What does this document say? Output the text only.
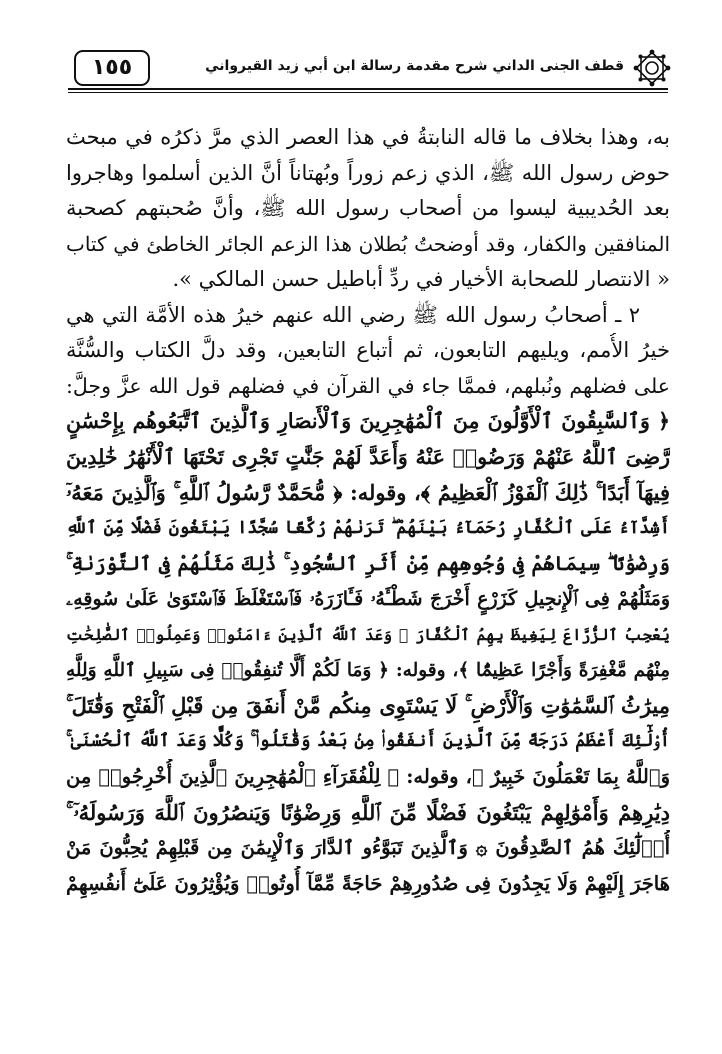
قطف الجنى الداني شرح مقدمة رسالة ابن أبي زيد القيرواني
١٥٥
به، وهذا بخلاف ما قاله النابتةُ في هذا العصر الذي مرَّ ذكرُه في مبحث
حوض رسول الله ﷺ، الذي زعم زوراً وبُهتاناً أنَّ الذين أسلموا وهاجروا
بعد الحُديبية ليسوا من أصحاب رسول الله ﷺ، وأنَّ صُحبتهم كصحبة
المنافقين والكفار، وقد أوضحتُ بُطلان هذا الزعم الجائر الخاطئ في كتاب
« الانتصار للصحابة الأخيار في ردِّ أباطيل حسن المالكي ».
٢ ـ أصحابُ رسول الله ﷺ رضي الله عنهم خيرُ هذه الأمَّة التي هي
خيرُ الأُمم، ويليهم التابعون، ثم أتباع التابعين، وقد دلَّ الكتاب والسُّنَّة
على فضلهم ونُبلهم، فممَّا جاء في القرآن في فضلهم قول الله عزَّ وجلَّ:
﴿ وَٱلسَّٰبِقُونَ ٱلْأَوَّلُونَ مِنَ ٱلْمُهَٰجِرِينَ وَٱلْأَنصَارِ وَٱلَّذِينَ ٱتَّبَعُوهُم بِإِحْسَٰنٍ
رَّضِىَ ٱللَّهُ عَنْهُمْ وَرَضُوا۟ عَنْهُ وَأَعَدَّ لَهُمْ جَنَّٰتٍ تَجْرِى تَحْتَهَا ٱلْأَنْهَٰرُ خَٰلِدِينَ
فِيهَآ أَبَدًا ۚ ذَٰلِكَ ٱلْفَوْزُ ٱلْعَظِيمُ ﴾، وقوله: ﴿ مُّحَمَّدٌ رَّسُولُ ٱللَّهِ ۚ وَٱلَّذِينَ مَعَهُۥٓ
أَشِدَّآءُ عَلَى ٱلْكُفَّارِ رُحَمَآءُ بَيْنَهُمْ ۖ تَرَىٰهُمْ رُكَّعًا سُجَّدًا يَبْتَغُونَ فَضْلًا مِّنَ ٱللَّهِ
وَرِضْوَٰنًا ۖ سِيمَاهُمْ فِى وُجُوهِهِم مِّنْ أَثَرِ ٱلسُّجُودِ ۚ ذَٰلِكَ مَثَلُهُمْ فِى ٱلتَّوْرَىٰةِ ۚ
وَمَثَلُهُمْ فِى ٱلْإِنجِيلِ كَزَرْعٍ أَخْرَجَ شَطْـَٔهُۥ فَـَٔازَرَهُۥ فَٱسْتَغْلَظَ فَٱسْتَوَىٰ عَلَىٰ سُوقِهِۦ
يُعْجِبُ ٱلزُّرَّاعَ لِيَغِيظَ بِهِمُ ٱلْكُفَّارَ ۗ وَعَدَ ٱللَّهُ ٱلَّذِينَ ءَامَنُوا۟ وَعَمِلُوا۟ ٱلصَّٰلِحَٰتِ
مِنْهُم مَّغْفِرَةً وَأَجْرًا عَظِيمًۢا ﴾، وقوله: ﴿ وَمَا لَكُمْ أَلَّا تُنفِقُوا۟ فِى سَبِيلِ ٱللَّهِ وَلِلَّهِ
مِيرَٰثُ ٱلسَّمَٰوَٰتِ وَٱلْأَرْضِ ۚ لَا يَسْتَوِى مِنكُم مَّنْ أَنفَقَ مِن قَبْلِ ٱلْفَتْحِ وَقَٰتَلَ ۚ
أُو۟لَٰٓئِكَ أَعْظَمُ دَرَجَةً مِّنَ ٱلَّذِينَ أَنفَقُوا۟ مِنۢ بَعْدُ وَقَٰتَلُوا۟ ۚ وَكُلًّا وَعَدَ ٱللَّهُ ٱلْحُسْنَىٰ ۚ
وَٱللَّهُ بِمَا تَعْمَلُونَ خَبِيرٌ ﴾، وقوله: ﴿ لِلْفُقَرَآءِ ٱلْمُهَٰجِرِينَ ٱلَّذِينَ أُخْرِجُوا۟ مِن
دِيَٰرِهِمْ وَأَمْوَٰلِهِمْ يَبْتَغُونَ فَضْلًا مِّنَ ٱللَّهِ وَرِضْوَٰنًا وَيَنصُرُونَ ٱللَّهَ وَرَسُولَهُۥٓ ۚ
أُو۟لَٰٓئِكَ هُمُ ٱلصَّٰدِقُونَ ۞ وَٱلَّذِينَ تَبَوَّءُو ٱلدَّارَ وَٱلْإِيمَٰنَ مِن قَبْلِهِمْ يُحِبُّونَ مَنْ
هَاجَرَ إِلَيْهِمْ وَلَا يَجِدُونَ فِى صُدُورِهِمْ حَاجَةً مِّمَّآ أُوتُوا۟ وَيُؤْثِرُونَ عَلَىٰٓ أَنفُسِهِمْ
